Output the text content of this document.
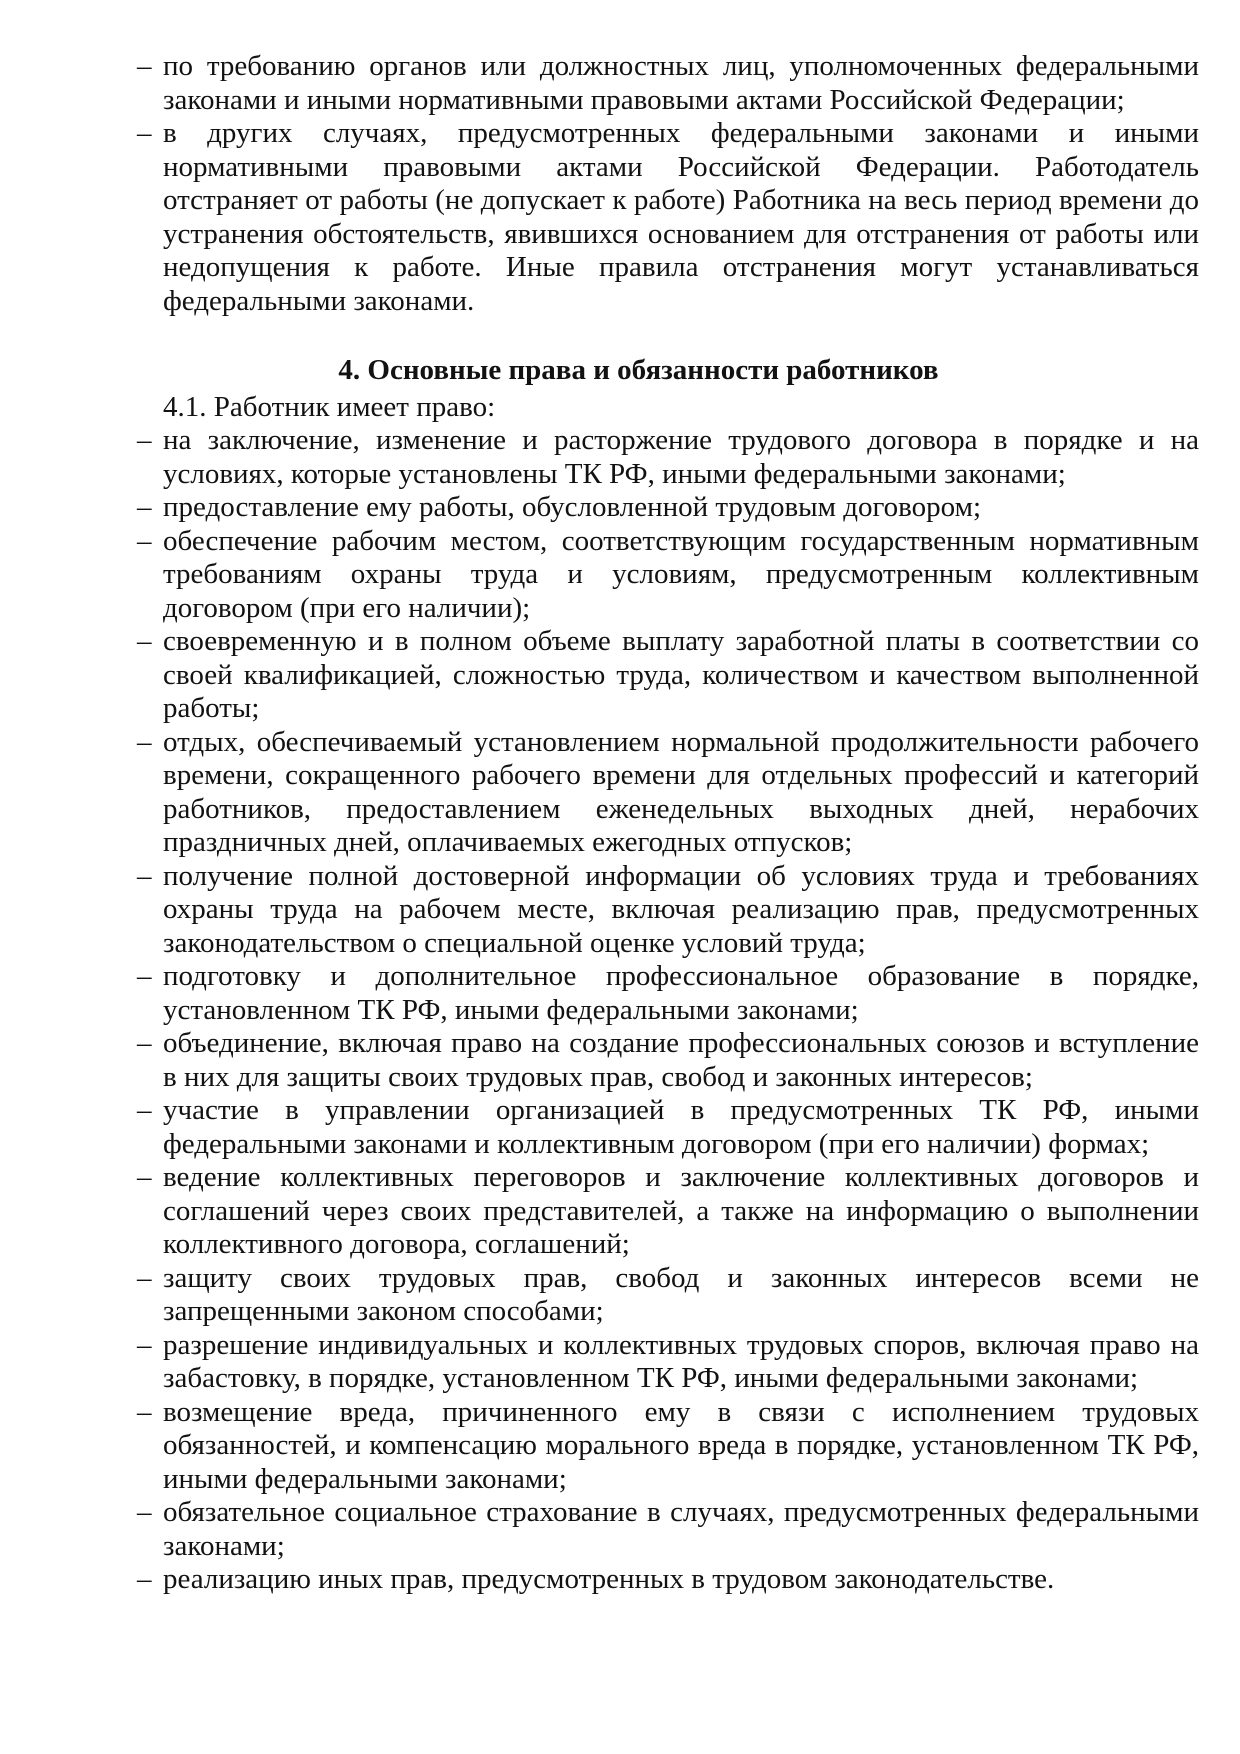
– по требованию органов или должностных лиц, уполномоченных федеральными законами и иными нормативными правовыми актами Российской Федерации;
– в других случаях, предусмотренных федеральными законами и иными нормативными правовыми актами Российской Федерации. Работодатель отстраняет от работы (не допускает к работе) Работника на весь период времени до устранения обстоятельств, явившихся основанием для отстранения от работы или недопущения к работе. Иные правила отстранения могут устанавливаться федеральными законами.
4. Основные права и обязанности работников

4.1. Работник имеет право:

– на заключение, изменение и расторжение трудового договора в порядке и на условиях, которые установлены ТК РФ, иными федеральными законами;
– предоставление ему работы, обусловленной трудовым договором;
– обеспечение рабочим местом, соответствующим государственным нормативным требованиям охраны труда и условиям, предусмотренным коллективным договором (при его наличии);
– своевременную и в полном объеме выплату заработной платы в соответствии со своей квалификацией, сложностью труда, количеством и качеством выполненной работы;
– отдых, обеспечиваемый установлением нормальной продолжительности рабочего времени, сокращенного рабочего времени для отдельных профессий и категорий работников, предоставлением еженедельных выходных дней, нерабочих праздничных дней, оплачиваемых ежегодных отпусков;
– получение полной достоверной информации об условиях труда и требованиях охраны труда на рабочем месте, включая реализацию прав, предусмотренных законодательством о специальной оценке условий труда;
– подготовку и дополнительное профессиональное образование в порядке, установленном ТК РФ, иными федеральными законами;
– объединение, включая право на создание профессиональных союзов и вступление в них для защиты своих трудовых прав, свобод и законных интересов;
– участие в управлении организацией в предусмотренных ТК РФ, иными федеральными законами и коллективным договором (при его наличии) формах;
– ведение коллективных переговоров и заключение коллективных договоров и соглашений через своих представителей, а также на информацию о выполнении коллективного договора, соглашений;
– защиту своих трудовых прав, свобод и законных интересов всеми не запрещенными законом способами;
– разрешение индивидуальных и коллективных трудовых споров, включая право на забастовку, в порядке, установленном ТК РФ, иными федеральными законами;
– возмещение вреда, причиненного ему в связи с исполнением трудовых обязанностей, и компенсацию морального вреда в порядке, установленном ТК РФ, иными федеральными законами;
– обязательное социальное страхование в случаях, предусмотренных федеральными законами;
– реализацию иных прав, предусмотренных в трудовом законодательстве.
